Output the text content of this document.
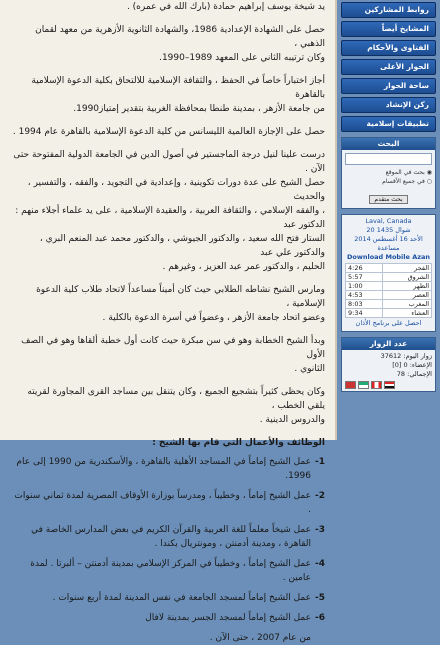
يد شيخة يوسف إبراهيم حمادة (بارك الله في عمره) .

حصل على الشهادة الإعدادية 1986، والشهادة الثانوية الأزهرية من معهد لقمان الذهبي ،

وكان ترتيبه الثاني على المعهد 1989–1990.

أجاز اختباراً خاصاً في الحفظ ، والثقافة الإسلامية للالتحاق بكلية الدعوة الإسلامية بالقاهرة

من جامعة الأزهر ، بمدينة طنطا بمحافظة الغربية بتقدير إمتياز1990.

حصل على الإجازة العالمية الليسانس من كلية الدعوة الإسلامية بالقاهرة عام 1994 .

درست علينا لنيل درجة الماجستير في أصول الدين في الجامعة الدولية المفتوحة حتى الآن .

حصل الشيخ على عدة دورات تكوينية ، وإعدادية في التجويد ، والفقه ، والتفسير ، والحديث

، والفقه الإسلامي ، والثقافة العربية ، والعقيدة الإسلامية ، على يد علماء أجلاء منهم : الدكتور عبد

الستار فتح الله سعيد ، والدكتور الجيوشي ، والدكتور محمد عبد المنعم البري ، والدكتور علي عبد

الحليم ، والدكتور عمر عبد العزيز ، وغيرهم .

ومارس الشيخ نشاطه الطلابي حيث كان أميناً مساعداً لاتحاد طلاب كلية الدعوة الإسلامية ،

وعضو اتحاد جامعة الأزهر ، وعضواً في أسرة الدعوة بالكلية .

وبدأ الشيخ الخطابة وهو في سن مبكرة حيث كانت أول خطبة ألقاها وهو في الصف الأول

الثانوي .

وكان يحظى كثيراً بتشجيع الجميع ، وكان يتنقل بين مساجد القرى المجاورة لقريته يلقي الخطب ،

والدروس الدينية .

الوظائف والأعمال التي قام بها الشيخ :

1-
عمل الشيخ إماماً في المساجد الأهلية بالقاهرة ، والأسكندرية من 1990 إلى عام 1996.
2-
عمل الشيخ إماماً ، وخطيباً ، ومدرساً بوزارة الأوقاف المصرية لمدة ثماني سنوات .
3-
عمل شيخاً معلماً للغة العربية والقرآن الكريم في بعض المدارس الخاصة في القاهرة ، ومدينة أدمنتن ، ومونتريال بكندا .
4-
عمل الشيخ إماماً ، وخطيباً في المركز الإسلامي بمدينة أدمنتن – ألبرتا . لمدة عامين .
5-
عمل الشيخ إماماً لمسجد الجامعة في نفس المدينة لمدة أربع سنوات .
6-
عمل الشيخ إماماً لمسجد الجسر بمدينة لافال
من عام 2007 ، حتى الآن .
روابط المشاركين
المشايخ أيضاً
الفتاوى والأحكام
الحوار الأعلى
ساحة الحوار
ركن الإنشاد
تطبيقات إسلامية
البحث
◉ بحث في الموقع
○ في جميع الأقسام
بحث متقدم
Laval, Canada
20 شوال 1435
الأحد 16 أغسطس 2014
مساعدة
Download Mobile Azan
4:26	الفجر
5:57	الشروق
1:00	الظهر
4:53	العصر
8:03	المغرب
9:34	العشاء
احصل على برنامج الأذان
عدد الزوار
زوار اليوم: 37612
الإعضاء: 0 [0]
الإجمالي: 78
